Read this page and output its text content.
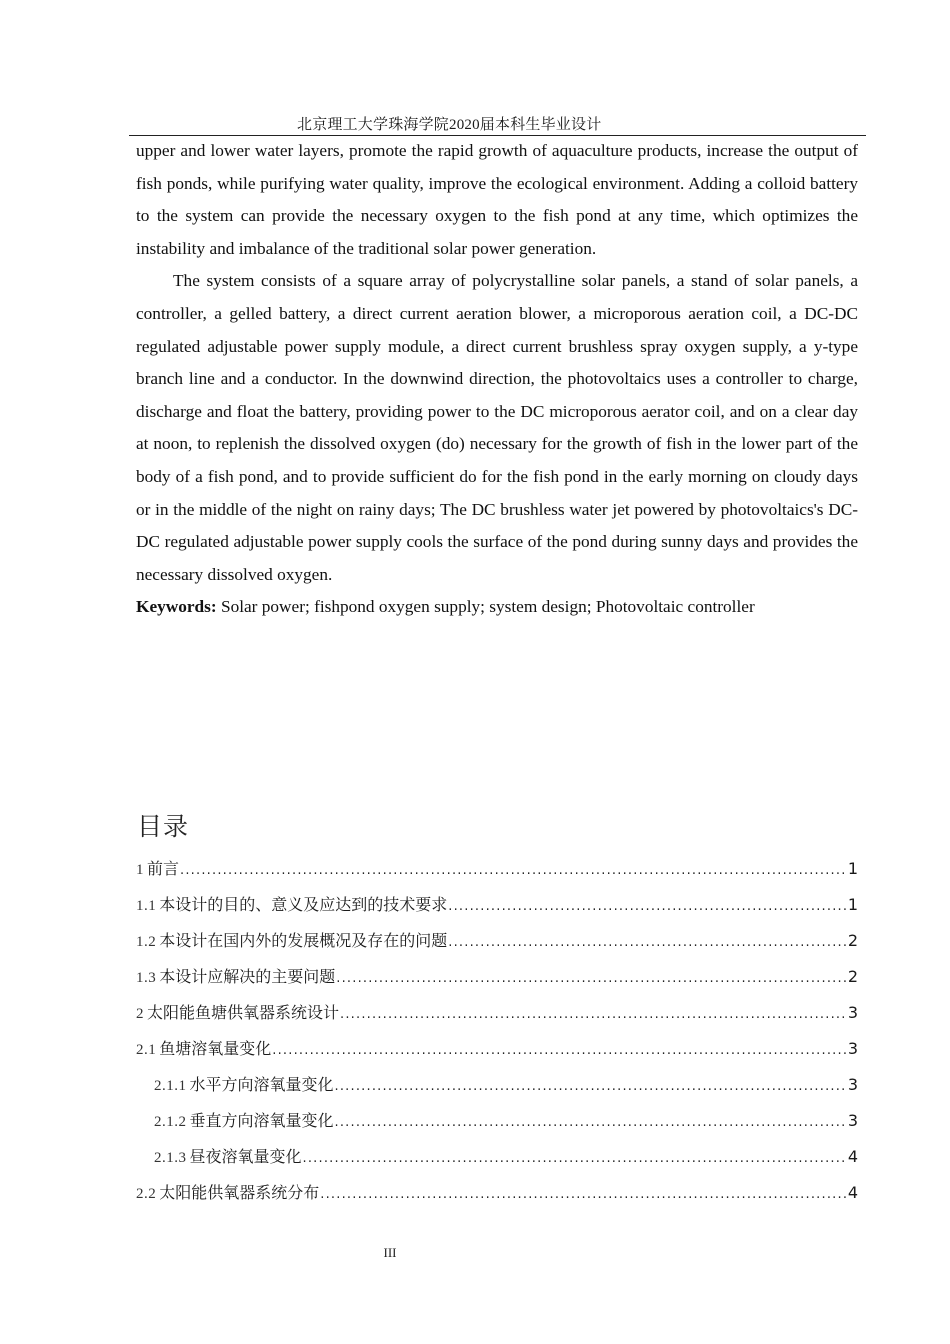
北京理工大学珠海学院2020届本科生毕业设计

upper and lower water layers, promote the rapid growth of aquaculture products, increase the output of fish ponds, while purifying water quality, improve the ecological environment. Adding a colloid battery to the system can provide the necessary oxygen to the fish pond at any time, which optimizes the instability and imbalance of the traditional solar power generation.

The system consists of a square array of polycrystalline solar panels, a stand of solar panels, a controller, a gelled battery, a direct current aeration blower, a microporous aeration coil, a DC-DC regulated adjustable power supply module, a direct current brushless spray oxygen supply, a y-type branch line and a conductor. In the downwind direction, the photovoltaics uses a controller to charge, discharge and float the battery, providing power to the DC microporous aerator coil, and on a clear day at noon, to replenish the dissolved oxygen (do) necessary for the growth of fish in the lower part of the body of a fish pond, and to provide sufficient do for the fish pond in the early morning on cloudy days or in the middle of the night on rainy days; The DC brushless water jet powered by photovoltaics's DC-DC regulated adjustable power supply cools the surface of the pond during sunny days and provides the necessary dissolved oxygen.

Keywords: Solar power; fishpond oxygen supply; system design; Photovoltaic controller

目录
1 前言 .....	1
1.1 本设计的目的、意义及应达到的技术要求 .....	1
1.2 本设计在国内外的发展概况及存在的问题 .....	2
1.3 本设计应解决的主要问题 .....	2
2 太阳能鱼塘供氧器系统设计 .....	3
2.1 鱼塘溶氧量变化 .....	3
2.1.1 水平方向溶氧量变化 .....	3
2.1.2 垂直方向溶氧量变化 .....	3
2.1.3 昼夜溶氧量变化 .....	4
2.2 太阳能供氧器系统分布 .....	4
III
